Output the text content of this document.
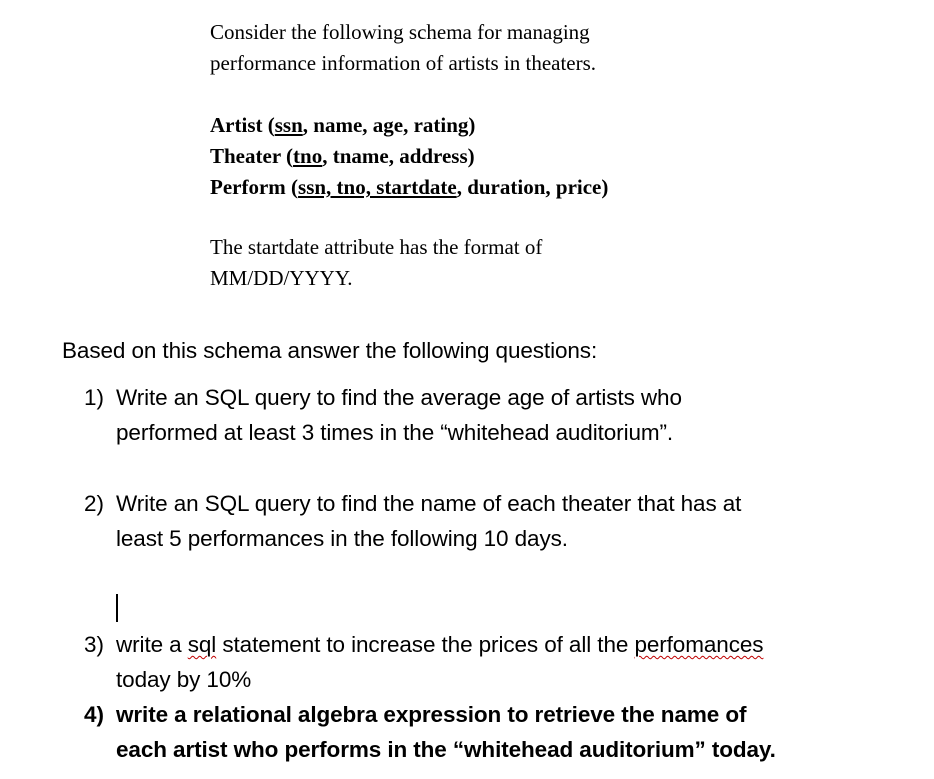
Consider the following schema for managing
performance information of artists in theaters.
Artist (ssn, name, age, rating)
Theater (tno, tname, address)
Perform (ssn, tno, startdate, duration, price)
The startdate attribute has the format of
MM/DD/YYYY.
Based on this schema answer the following questions:
1) Write an SQL query to find the average age of artists who
performed at least 3 times in the “whitehead auditorium”.
2) Write an SQL query to find the name of each theater that has at
least 5 performances in the following 10 days.
3) write a sql statement to increase the prices of all the perfomances
today by 10%
4) write a relational algebra expression to retrieve the name of
each artist who performs in the “whitehead auditorium” today.
